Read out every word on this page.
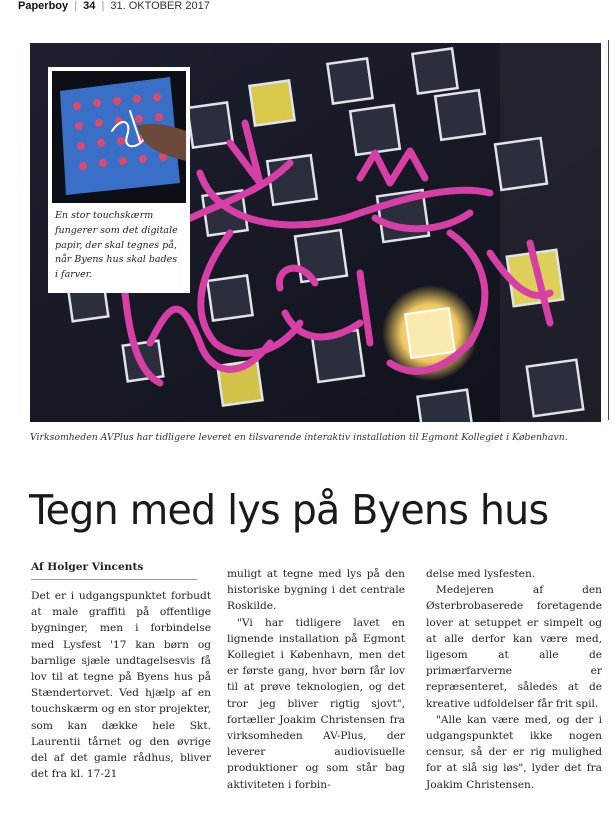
Paperboy | 34 | 31. OKTOBER 2017
En stor touchskærm fungerer som det digitale papir, der skal tegnes på, når Byens hus skal bades i farver.
Virksomheden AVPlus har tidligere leveret en tilsvarende interaktiv installation til Egmont Kollegiet i København.
Tegn med lys på Byens hus
Af Holger Vincents

Det er i udgangspunktet forbudt at male graffiti på offentlige bygninger, men i forbindelse med Lysfest '17 kan børn og barnlige sjæle undtagelsesvis få lov til at tegne på Byens hus på Stændertorvet. Ved hjælp af en touchskærm og en stor projekter, som kan dække hele Skt. Laurentii tårnet og den øvrige del af det gamle rådhus, bliver det fra kl. 17-21

muligt at tegne med lys på den historiske bygning i det centrale Roskilde.

"Vi har tidligere lavet en lignende installation på Egmont Kollegiet i København, men det er første gang, hvor børn får lov til at prøve teknologien, og det tror jeg bliver rigtig sjovt", fortæller Joakim Christensen fra virksomheden AV-Plus, der leverer audiovisuelle produktioner og som står bag aktiviteten i forbin-

delse med lysfesten.

Medejeren af den Østerbrobaserede foretagende lover at setuppet er simpelt og at alle derfor kan være med, ligesom at alle de primærfarverne er repræsenteret, således at de kreative udfoldelser får frit spil.

"Alle kan være med, og der i udgangspunktet ikke nogen censur, så der er rig mulighed for at slå sig løs", lyder det fra Joakim Christensen.
